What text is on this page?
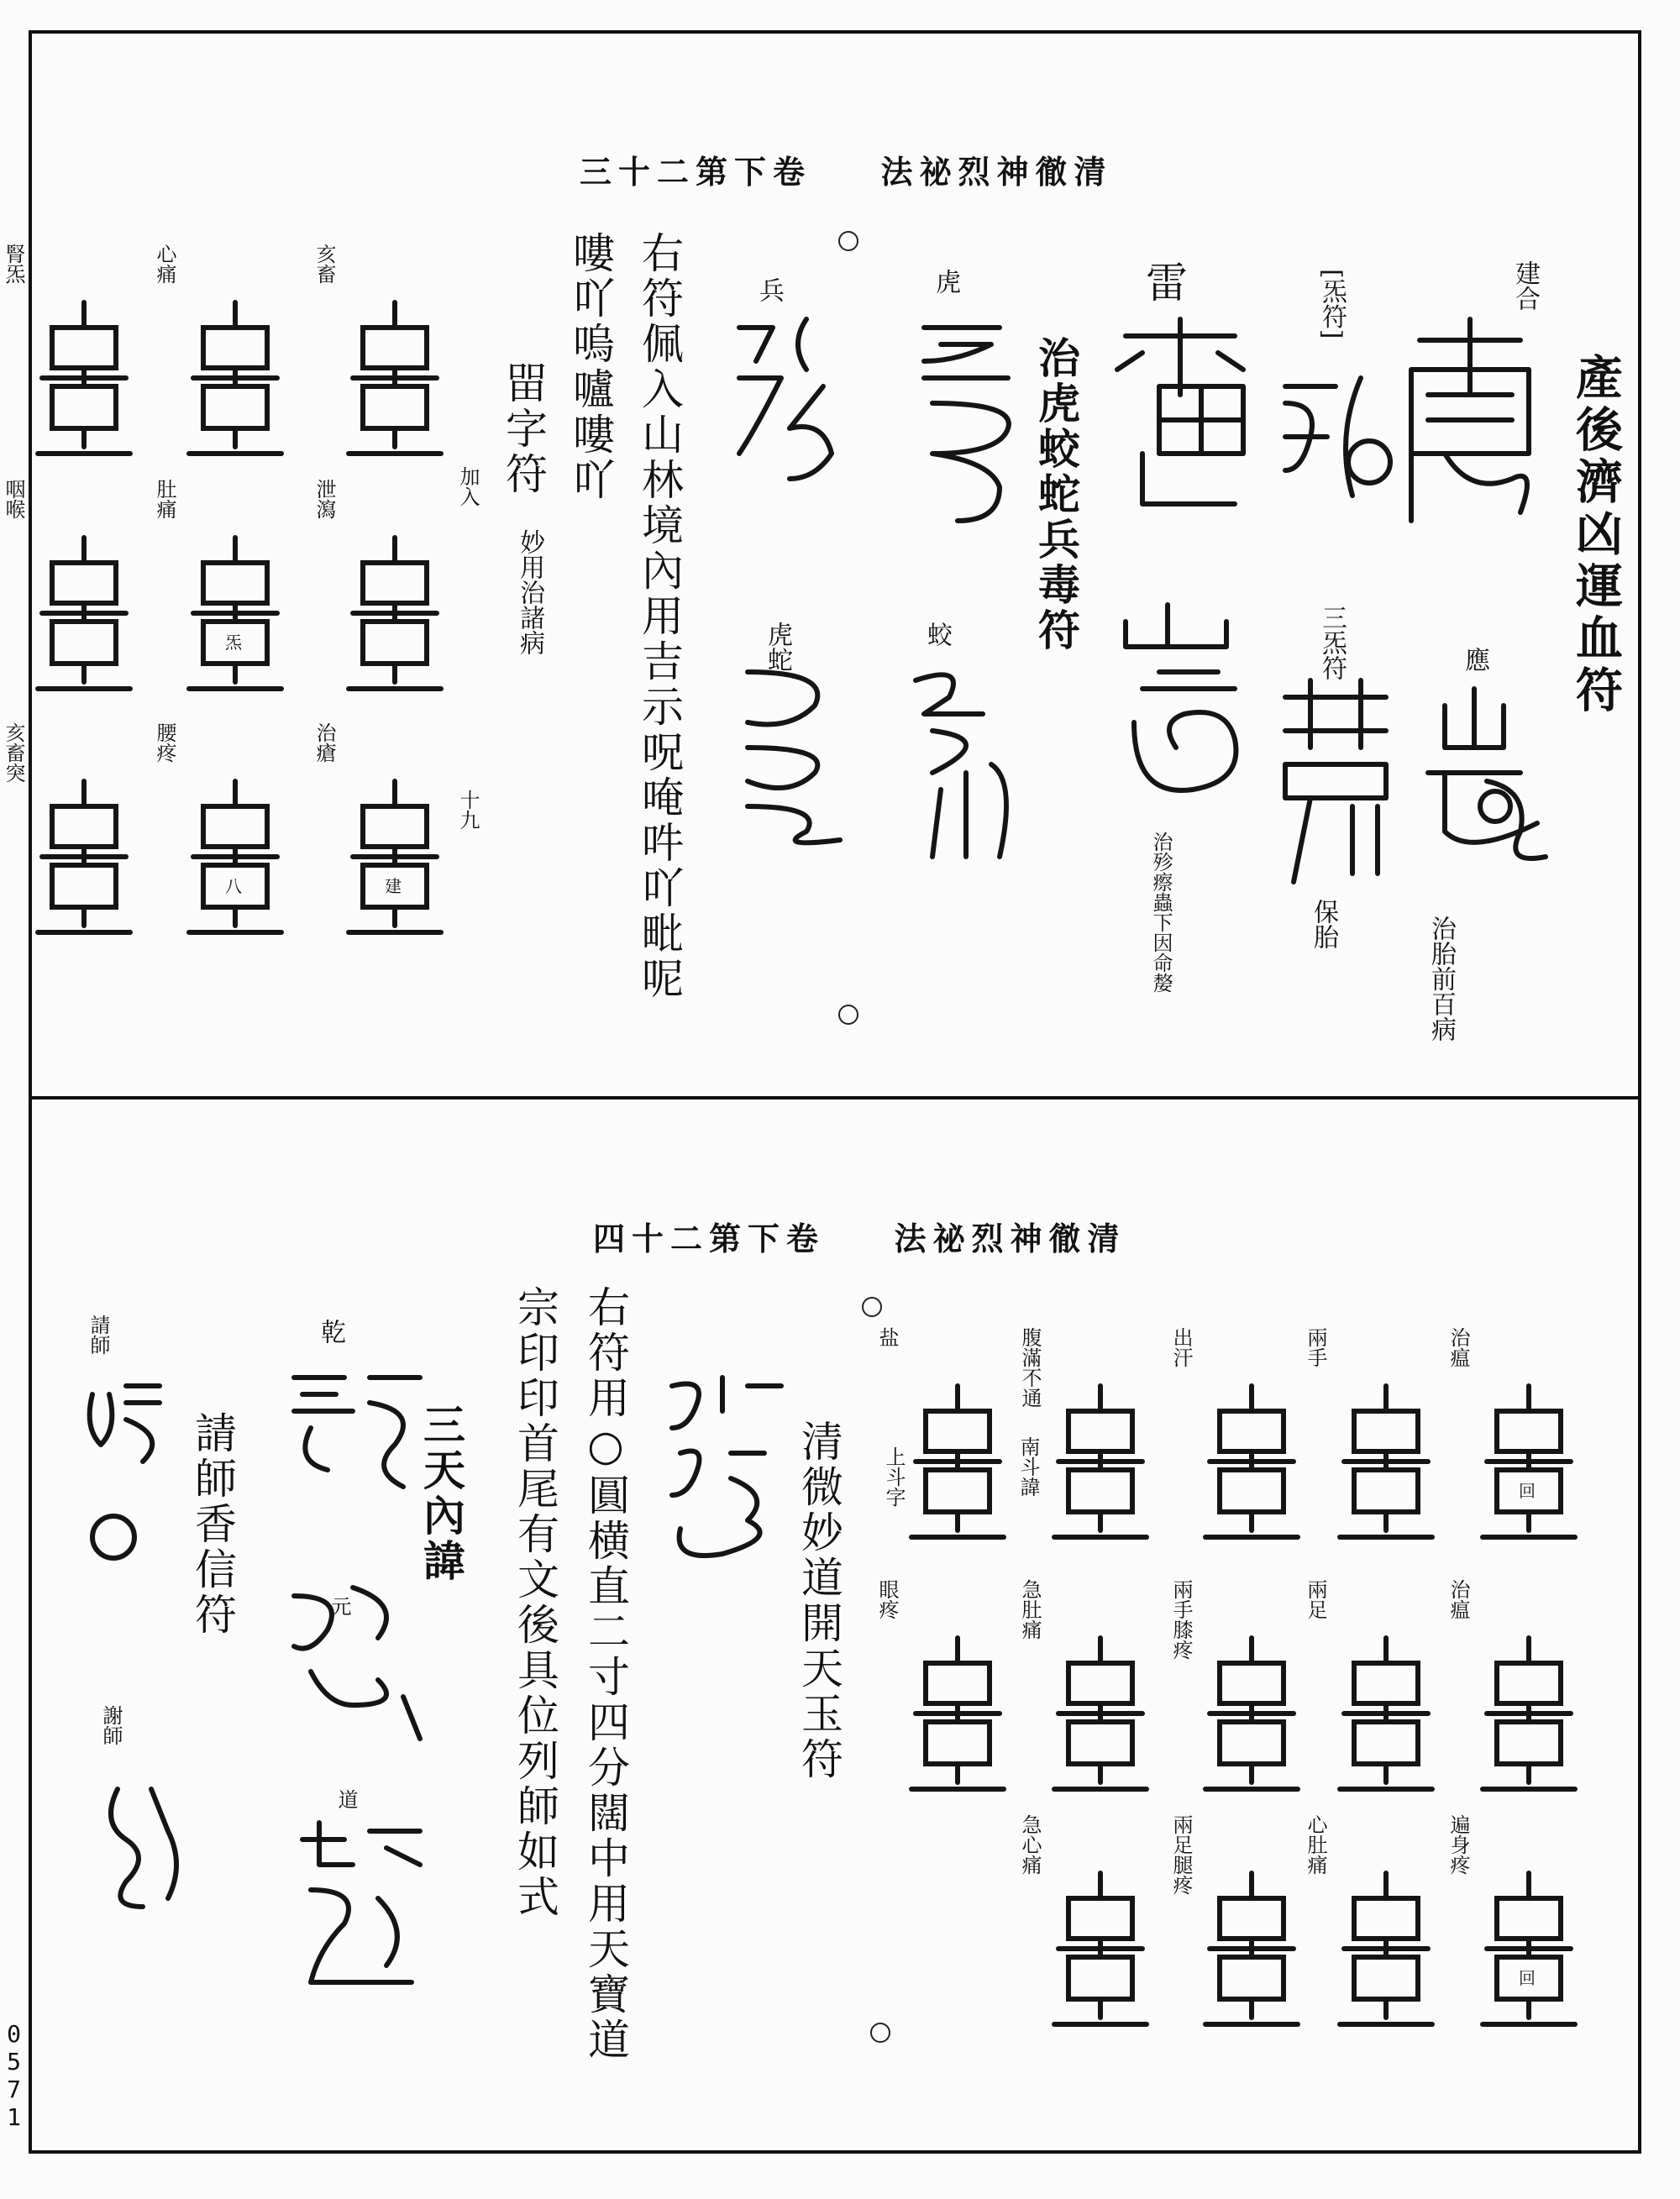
0571
三十二第下卷 法祕烈神徹清
產後濟凶運血符
建合
應
治胎前百病
[炁符]
三炁符
保胎
雷
治殄瘵蟲下因命嫠
治虎蛟蛇兵毒符
虎
蛟
兵
虎蛇
右符佩入山林境內用吉示呪唵吽吖毗呢
嘍吖嗚嚧嘍吖
㽞字符
妙用治諸病
加入
十九
亥畜
泄瀉
治瘡
建
心痛
肚痛
炁
腰疼
八
腎炁
咽喉
亥畜突
四十二第下卷 法祕烈神徹清
治瘟
回
治瘟
遍身疼
回
兩手
兩足
心肚痛
出汗
兩手膝疼
兩足腿疼
腹滿不通
急肚痛
急心痛
盐
眼疼
南斗諱
上斗字
清微妙道開天玉符
右符用○圓横直二寸四分闊中用天寶道
宗印印首尾有文後具位列師如式
三天內諱
乾
元
道
請師香信符
請師
謝師
